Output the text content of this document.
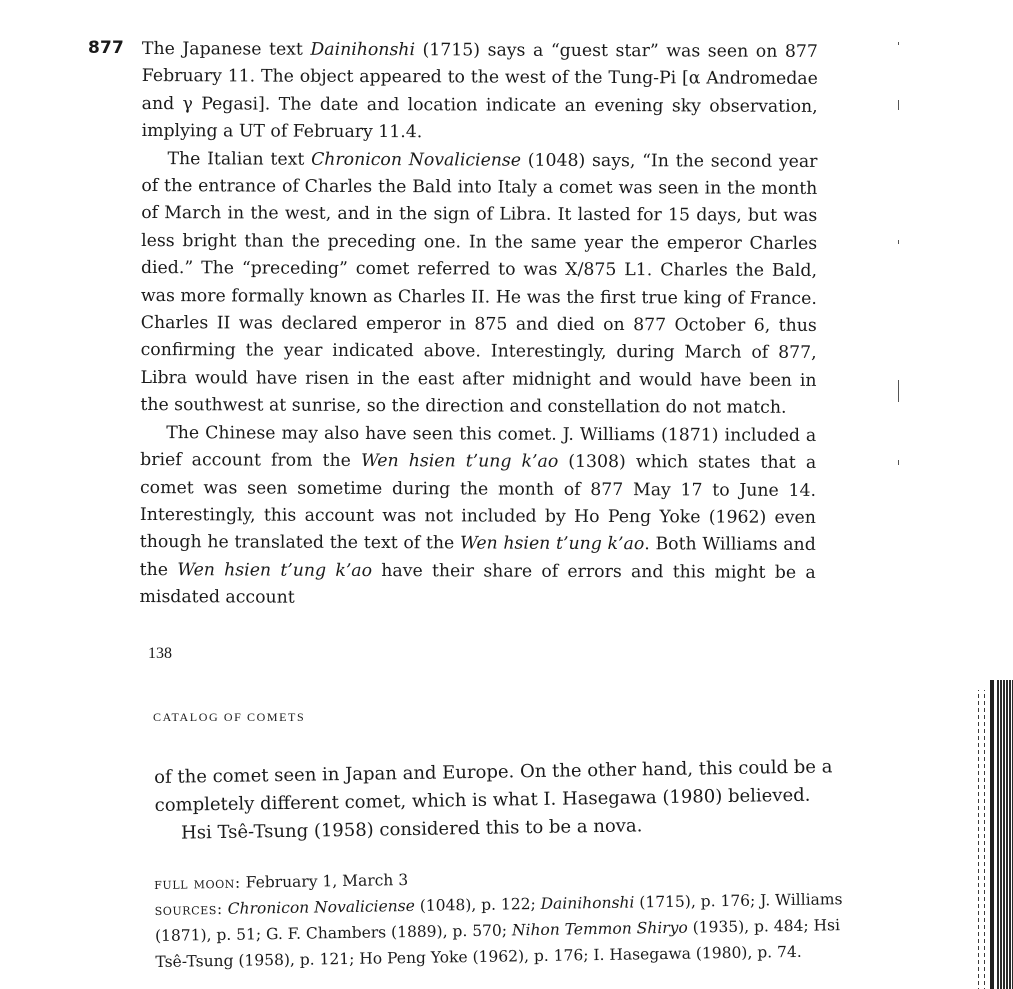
877 The Japanese text Dainihonshi (1715) says a “guest star” was seen on 877 February 11. The object appeared to the west of the Tung-Pi [α Andromedae and γ Pegasi]. The date and location indicate an evening sky observation, implying a UT of February 11.4.

The Italian text Chronicon Novaliciense (1048) says, “In the second year of the entrance of Charles the Bald into Italy a comet was seen in the month of March in the west, and in the sign of Libra. It lasted for 15 days, but was less bright than the preceding one. In the same year the emperor Charles died.” The “preceding” comet referred to was X/875 L1. Charles the Bald, was more formally known as Charles II. He was the first true king of France. Charles II was declared emperor in 875 and died on 877 October 6, thus confirming the year indicated above. Interestingly, during March of 877, Libra would have risen in the east after midnight and would have been in the southwest at sunrise, so the direction and constellation do not match.

The Chinese may also have seen this comet. J. Williams (1871) included a brief account from the Wen hsien t’ung k’ao (1308) which states that a comet was seen sometime during the month of 877 May 17 to June 14. Interestingly, this account was not included by Ho Peng Yoke (1962) even though he translated the text of the Wen hsien t’ung k’ao. Both Williams and the Wen hsien t’ung k’ao have their share of errors and this might be a misdated account

138
CATALOG OF COMETS

of the comet seen in Japan and Europe. On the other hand, this could be a completely different comet, which is what I. Hasegawa (1980) believed.

Hsi Tsê-Tsung (1958) considered this to be a nova.

full moon: February 1, March 3

sources: Chronicon Novaliciense (1048), p. 122; Dainihonshi (1715), p. 176; J. Williams (1871), p. 51; G. F. Chambers (1889), p. 570; Nihon Temmon Shiryo (1935), p. 484; Hsi Tsê-Tsung (1958), p. 121; Ho Peng Yoke (1962), p. 176; I. Hasegawa (1980), p. 74.
